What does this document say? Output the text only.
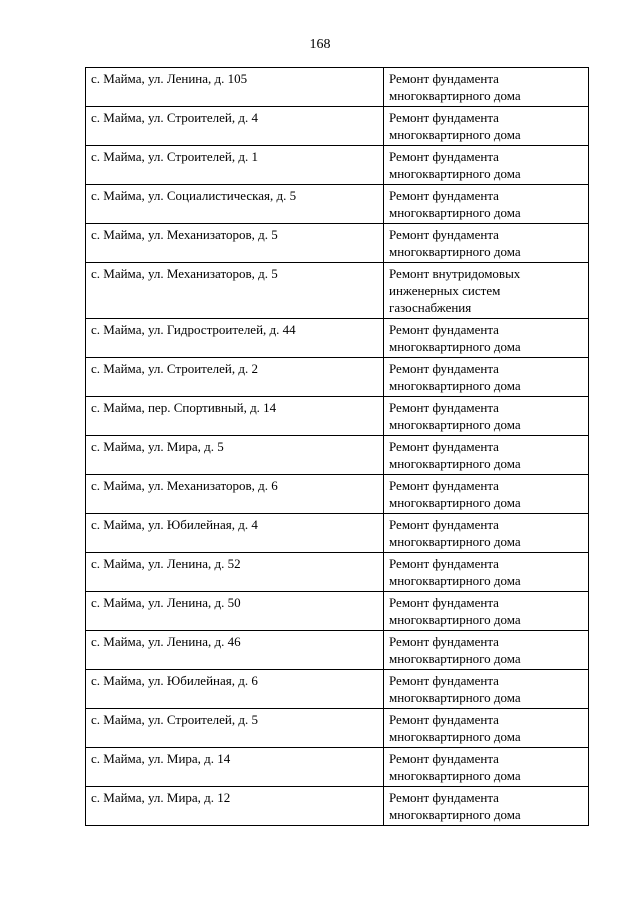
168
с. Майма, ул. Ленина, д. 105	Ремонт фундамента многоквартирного дома
с. Майма, ул. Строителей, д. 4	Ремонт фундамента многоквартирного дома
с. Майма, ул. Строителей, д. 1	Ремонт фундамента многоквартирного дома
с. Майма, ул. Социалистическая, д. 5	Ремонт фундамента многоквартирного дома
с. Майма, ул. Механизаторов, д. 5	Ремонт фундамента многоквартирного дома
с. Майма, ул. Механизаторов, д. 5	Ремонт внутридомовых инженерных систем газоснабжения
с. Майма, ул. Гидростроителей, д. 44	Ремонт фундамента многоквартирного дома
с. Майма, ул. Строителей, д. 2	Ремонт фундамента многоквартирного дома
с. Майма, пер. Спортивный, д. 14	Ремонт фундамента многоквартирного дома
с. Майма, ул. Мира, д. 5	Ремонт фундамента многоквартирного дома
с. Майма, ул. Механизаторов, д. 6	Ремонт фундамента многоквартирного дома
с. Майма, ул. Юбилейная, д. 4	Ремонт фундамента многоквартирного дома
с. Майма, ул. Ленина, д. 52	Ремонт фундамента многоквартирного дома
с. Майма, ул. Ленина, д. 50	Ремонт фундамента многоквартирного дома
с. Майма, ул. Ленина, д. 46	Ремонт фундамента многоквартирного дома
с. Майма, ул. Юбилейная, д. 6	Ремонт фундамента многоквартирного дома
с. Майма, ул. Строителей, д. 5	Ремонт фундамента многоквартирного дома
с. Майма, ул. Мира, д. 14	Ремонт фундамента многоквартирного дома
с. Майма, ул. Мира, д. 12	Ремонт фундамента многоквартирного дома
